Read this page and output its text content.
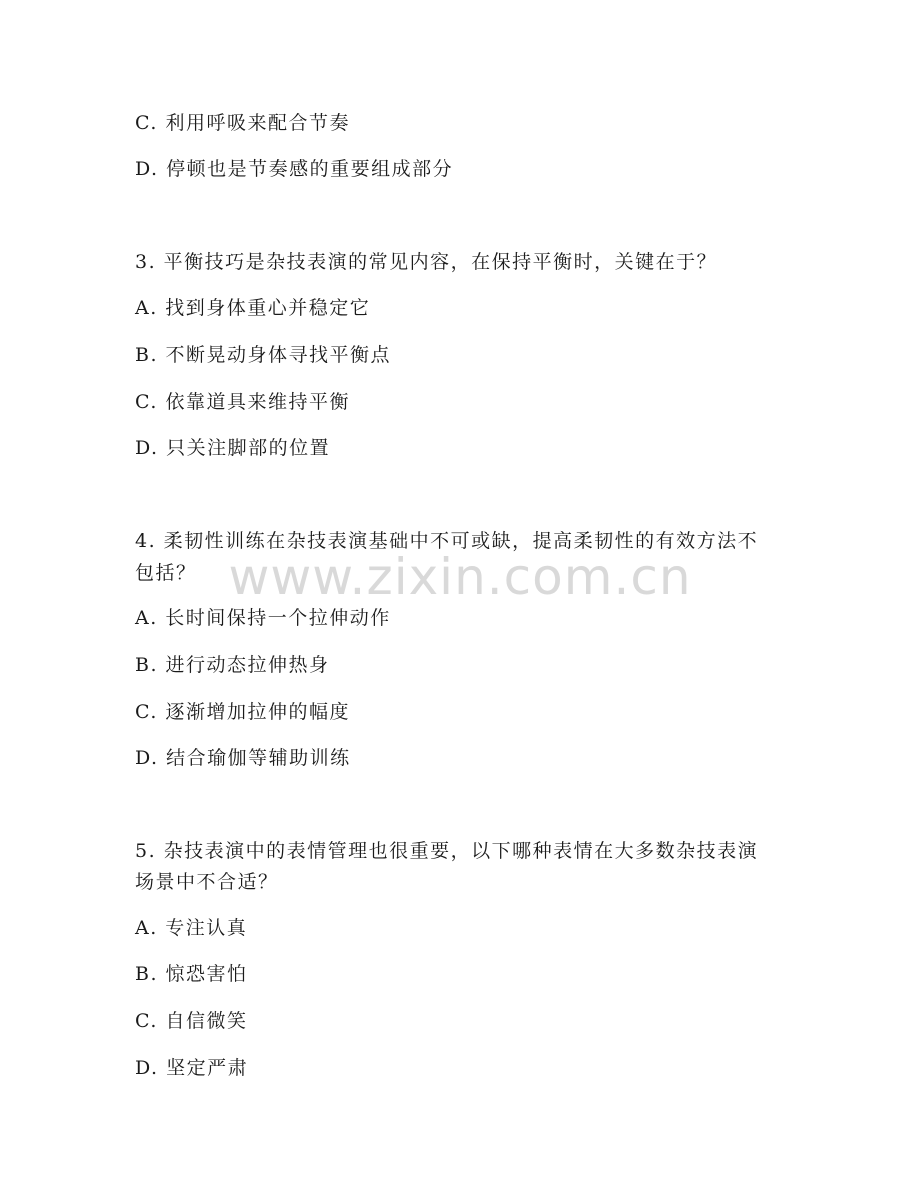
C. 利用呼吸来配合节奏
D. 停顿也是节奏感的重要组成部分
3. 平衡技巧是杂技表演的常见内容，在保持平衡时，关键在于？
A. 找到身体重心并稳定它
B. 不断晃动身体寻找平衡点
C. 依靠道具来维持平衡
D. 只关注脚部的位置
4. 柔韧性训练在杂技表演基础中不可或缺，提高柔韧性的有效方法不
包括？
A. 长时间保持一个拉伸动作
B. 进行动态拉伸热身
C. 逐渐增加拉伸的幅度
D. 结合瑜伽等辅助训练
5. 杂技表演中的表情管理也很重要，以下哪种表情在大多数杂技表演
场景中不合适？
A. 专注认真
B. 惊恐害怕
C. 自信微笑
D. 坚定严肃
www.zixin.com.cn
